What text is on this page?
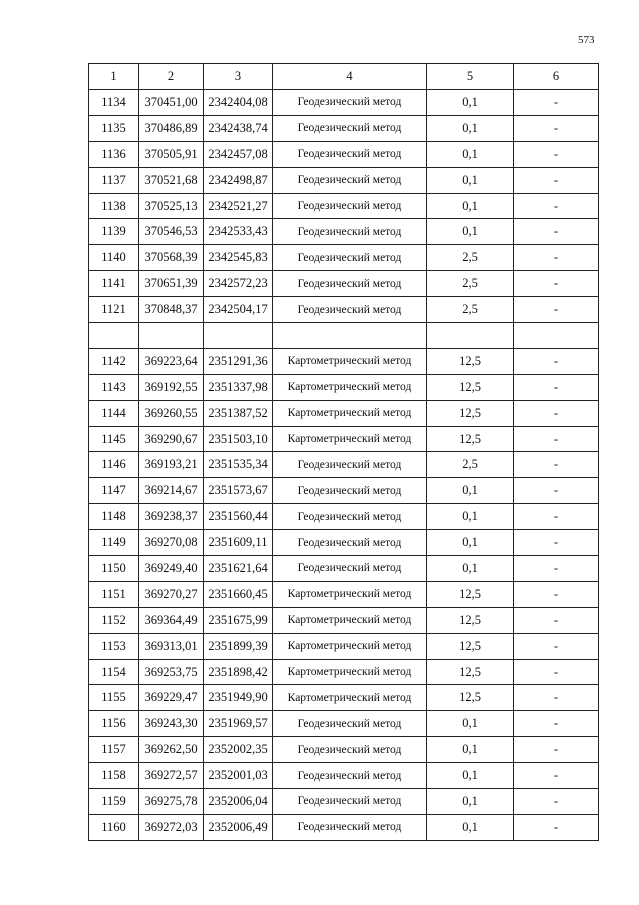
573
1	2	3	4	5	6
1134	370451,00	2342404,08	Геодезический метод	0,1	-
1135	370486,89	2342438,74	Геодезический метод	0,1	-
1136	370505,91	2342457,08	Геодезический метод	0,1	-
1137	370521,68	2342498,87	Геодезический метод	0,1	-
1138	370525,13	2342521,27	Геодезический метод	0,1	-
1139	370546,53	2342533,43	Геодезический метод	0,1	-
1140	370568,39	2342545,83	Геодезический метод	2,5	-
1141	370651,39	2342572,23	Геодезический метод	2,5	-
1121	370848,37	2342504,17	Геодезический метод	2,5	-

1142	369223,64	2351291,36	Картометрический метод	12,5	-
1143	369192,55	2351337,98	Картометрический метод	12,5	-
1144	369260,55	2351387,52	Картометрический метод	12,5	-
1145	369290,67	2351503,10	Картометрический метод	12,5	-
1146	369193,21	2351535,34	Геодезический метод	2,5	-
1147	369214,67	2351573,67	Геодезический метод	0,1	-
1148	369238,37	2351560,44	Геодезический метод	0,1	-
1149	369270,08	2351609,11	Геодезический метод	0,1	-
1150	369249,40	2351621,64	Геодезический метод	0,1	-
1151	369270,27	2351660,45	Картометрический метод	12,5	-
1152	369364,49	2351675,99	Картометрический метод	12,5	-
1153	369313,01	2351899,39	Картометрический метод	12,5	-
1154	369253,75	2351898,42	Картометрический метод	12,5	-
1155	369229,47	2351949,90	Картометрический метод	12,5	-
1156	369243,30	2351969,57	Геодезический метод	0,1	-
1157	369262,50	2352002,35	Геодезический метод	0,1	-
1158	369272,57	2352001,03	Геодезический метод	0,1	-
1159	369275,78	2352006,04	Геодезический метод	0,1	-
1160	369272,03	2352006,49	Геодезический метод	0,1	-
